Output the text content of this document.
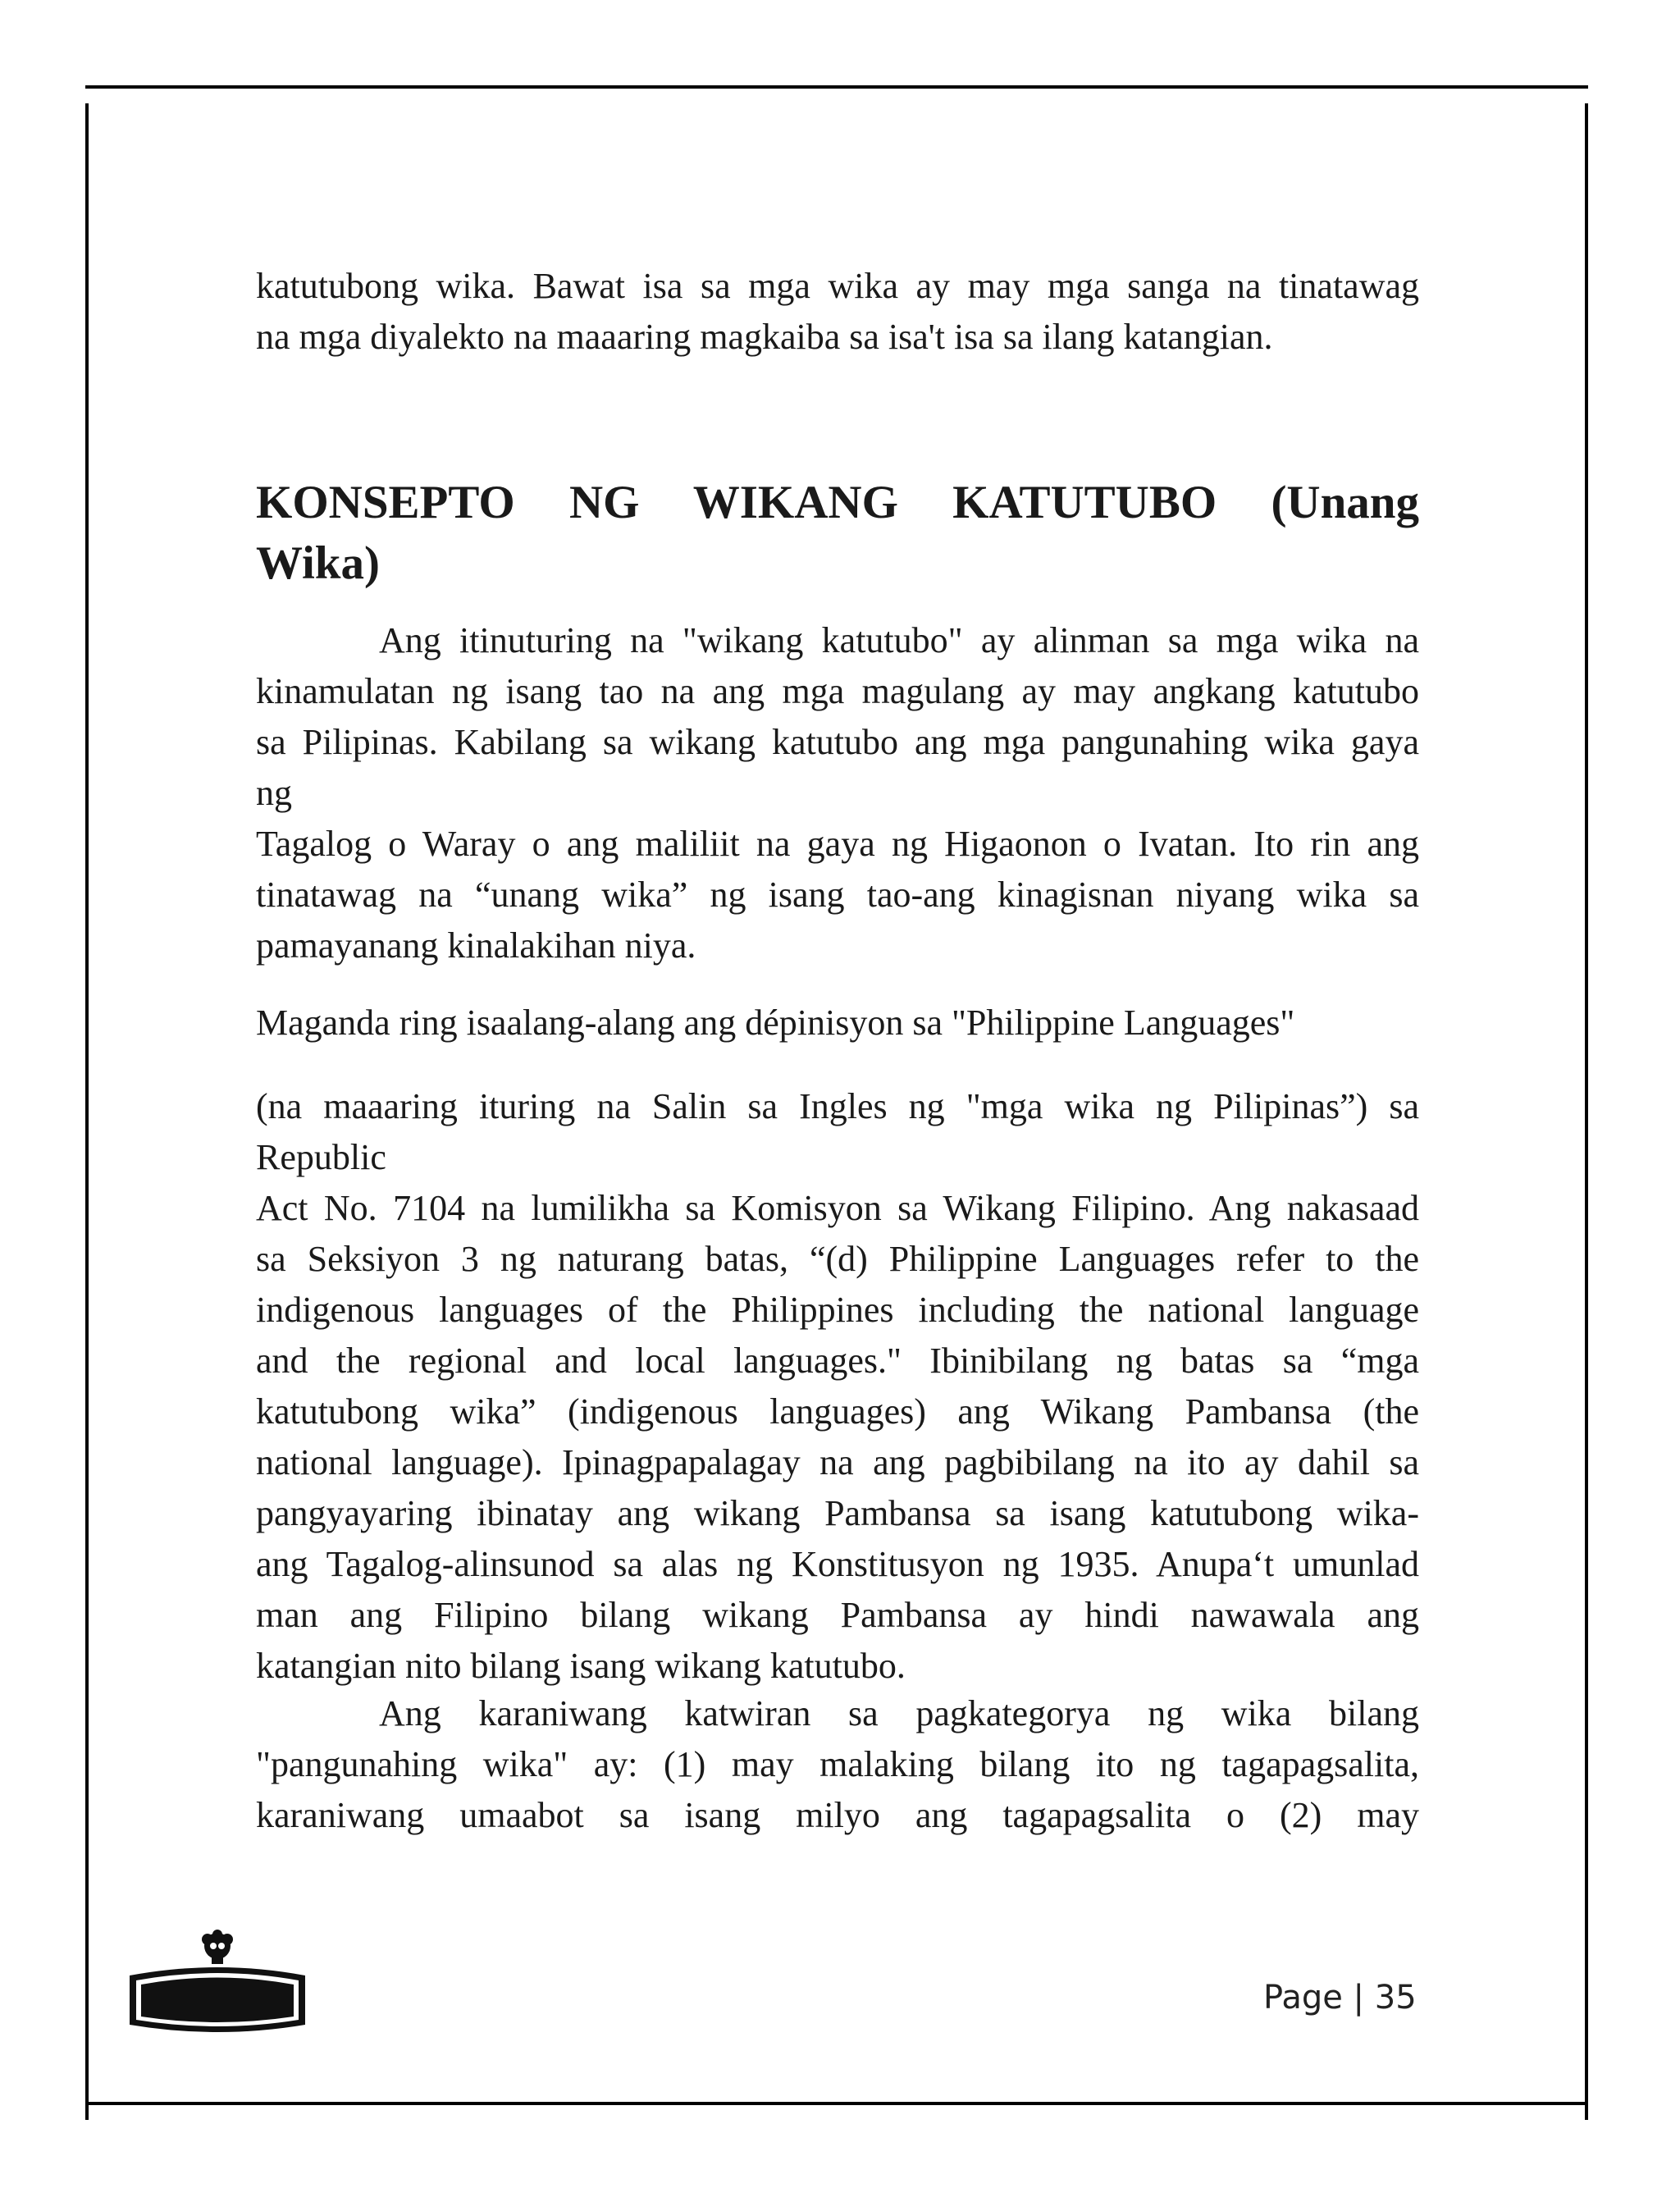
katutubong wika. Bawat isa sa mga wika ay may mga sanga na tinatawag
na mga diyalekto na maaaring magkaiba sa isa't isa sa ilang katangian.
KONSEPTO NG WIKANG KATUTUBO (Unang
Wika)
Ang itinuturing na "wikang katutubo" ay alinman sa mga wika na
kinamulatan ng isang tao na ang mga magulang ay may angkang katutubo
sa Pilipinas. Kabilang sa wikang katutubo ang mga pangunahing wika gaya
ng
Tagalog o Waray o ang maliliit na gaya ng Higaonon o Ivatan. Ito rin ang
tinatawag na “unang wika” ng isang tao-ang kinagisnan niyang wika sa
pamayanang kinalakihan niya.
Maganda ring isaalang-alang ang dépinisyon sa "Philippine Languages"
(na maaaring ituring na Salin sa Ingles ng "mga wika ng Pilipinas”) sa
Republic
Act No. 7104 na lumilikha sa Komisyon sa Wikang Filipino. Ang nakasaad
sa Seksiyon 3 ng naturang batas, “(d) Philippine Languages refer to the
indigenous languages of the Philippines including the national language
and the regional and local languages." Ibinibilang ng batas sa “mga
katutubong wika” (indigenous languages) ang Wikang Pambansa (the
national language). Ipinagpapalagay na ang pagbibilang na ito ay dahil sa
pangyayaring ibinatay ang wikang Pambansa sa isang katutubong wika-
ang Tagalog-alinsunod sa alas ng Konstitusyon ng 1935. Anupa‘t umunlad
man ang Filipino bilang wikang Pambansa ay hindi nawawala ang
katangian nito bilang isang wikang katutubo.
Ang karaniwang katwiran sa pagkategorya ng wika bilang
"pangunahing wika" ay: (1) may malaking bilang ito ng tagapagsalita,
karaniwang umaabot sa isang milyo ang tagapagsalita o (2) may
Page | 35
